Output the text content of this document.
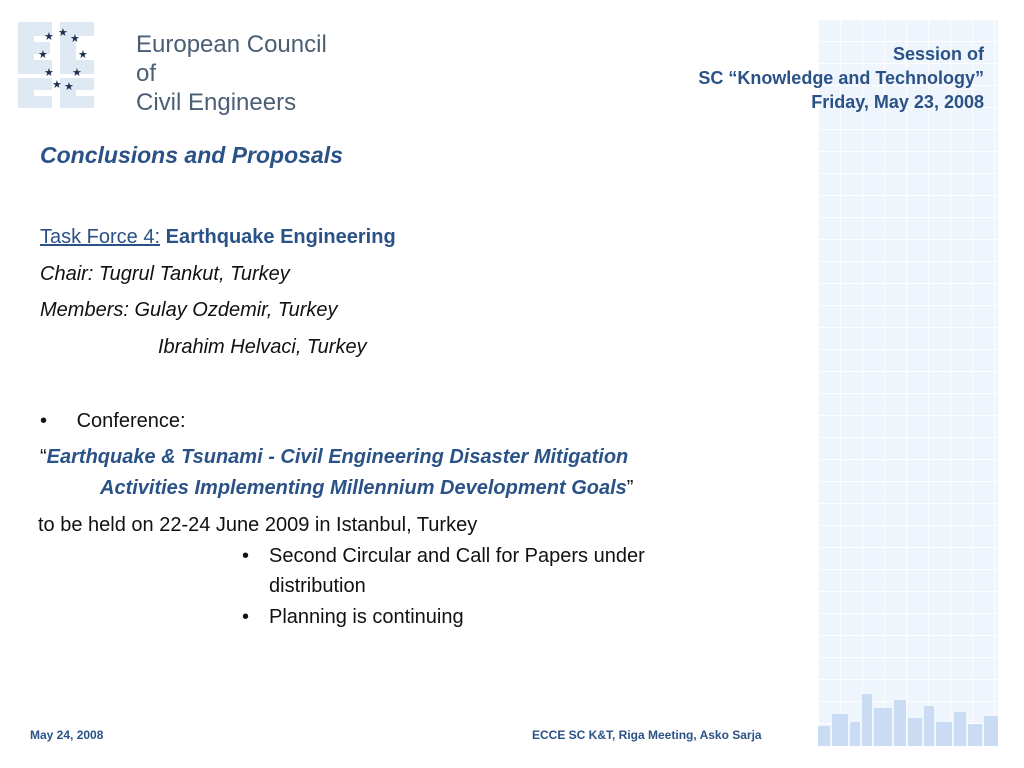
★ ★ ★
★	★
★ ★
★ ★
European Council
of
Civil Engineers
Session of
SC “Knowledge and Technology”
Friday, May 23, 2008
Conclusions and Proposals
Task Force 4: Earthquake Engineering
Chair: Tugrul Tankut, Turkey
Members: Gulay Ozdemir, Turkey
Ibrahim Helvaci, Turkey
• Conference:
“Earthquake & Tsunami - Civil Engineering Disaster Mitigation
Activities Implementing Millennium Development Goals”
to be held on 22-24 June 2009 in Istanbul, Turkey
• Second Circular and Call for Papers under
distribution
• Planning is continuing
May 24, 2008	ECCE SC K&T, Riga Meeting, Asko Sarja
